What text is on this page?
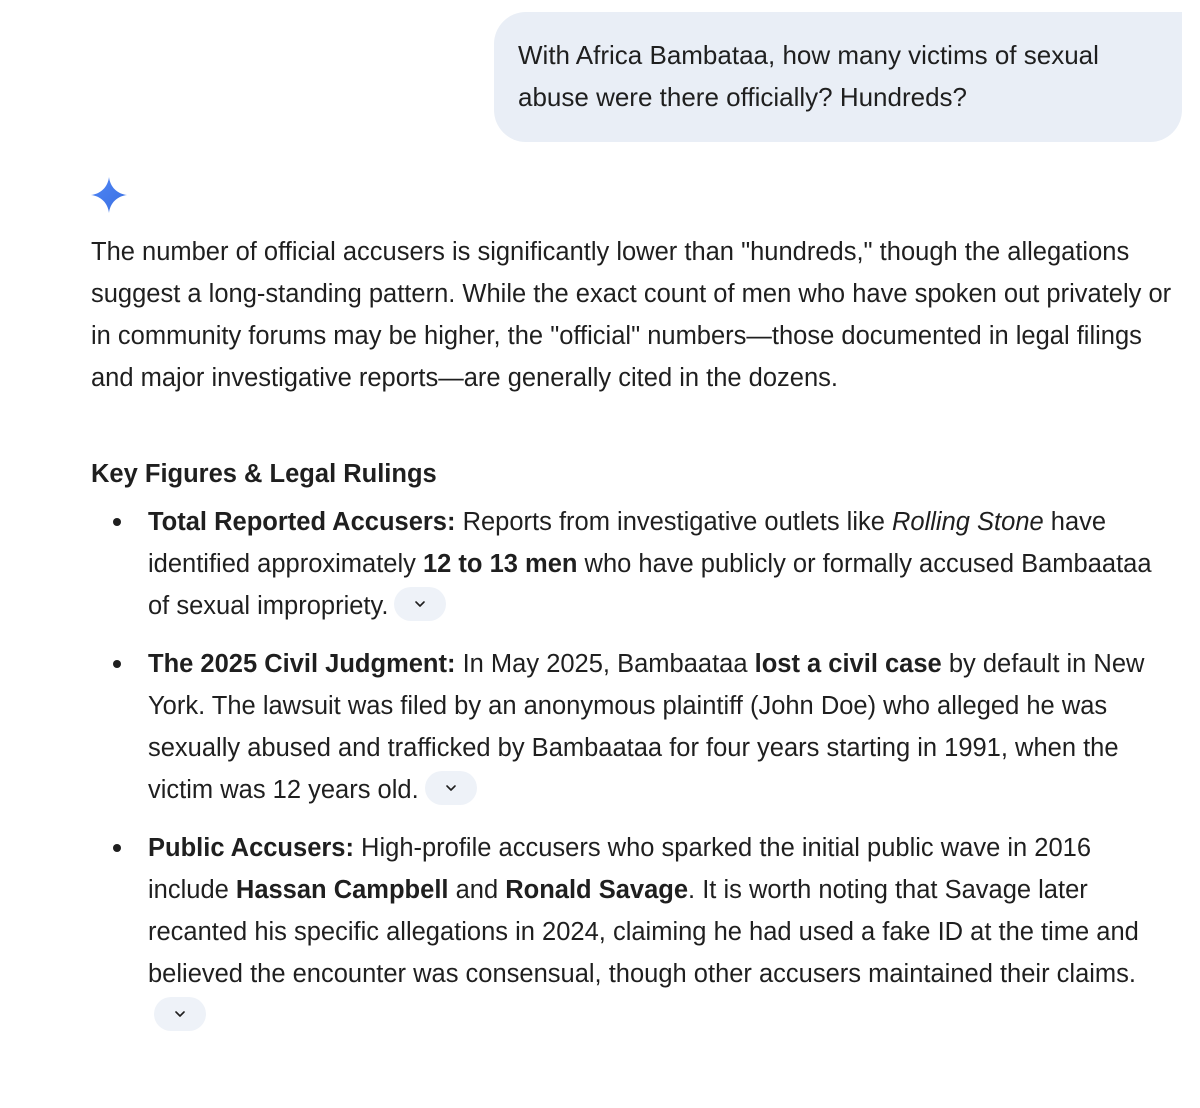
With Africa Bambataa, how many victims of sexual abuse were there officially? Hundreds?

The number of official accusers is significantly lower than "hundreds," though the allegations suggest a long-standing pattern. While the exact count of men who have spoken out privately or in community forums may be higher, the "official" numbers—those documented in legal filings and major investigative reports—are generally cited in the dozens.

Key Figures & Legal Rulings
Total Reported Accusers: Reports from investigative outlets like Rolling Stone have identified approximately 12 to 13 men who have publicly or formally accused Bambaataa of sexual impropriety.
The 2025 Civil Judgment: In May 2025, Bambaataa lost a civil case by default in New York. The lawsuit was filed by an anonymous plaintiff (John Doe) who alleged he was sexually abused and trafficked by Bambaataa for four years starting in 1991, when the victim was 12 years old.
Public Accusers: High-profile accusers who sparked the initial public wave in 2016 include Hassan Campbell and Ronald Savage. It is worth noting that Savage later recanted his specific allegations in 2024, claiming he had used a fake ID at the time and believed the encounter was consensual, though other accusers maintained their claims.
